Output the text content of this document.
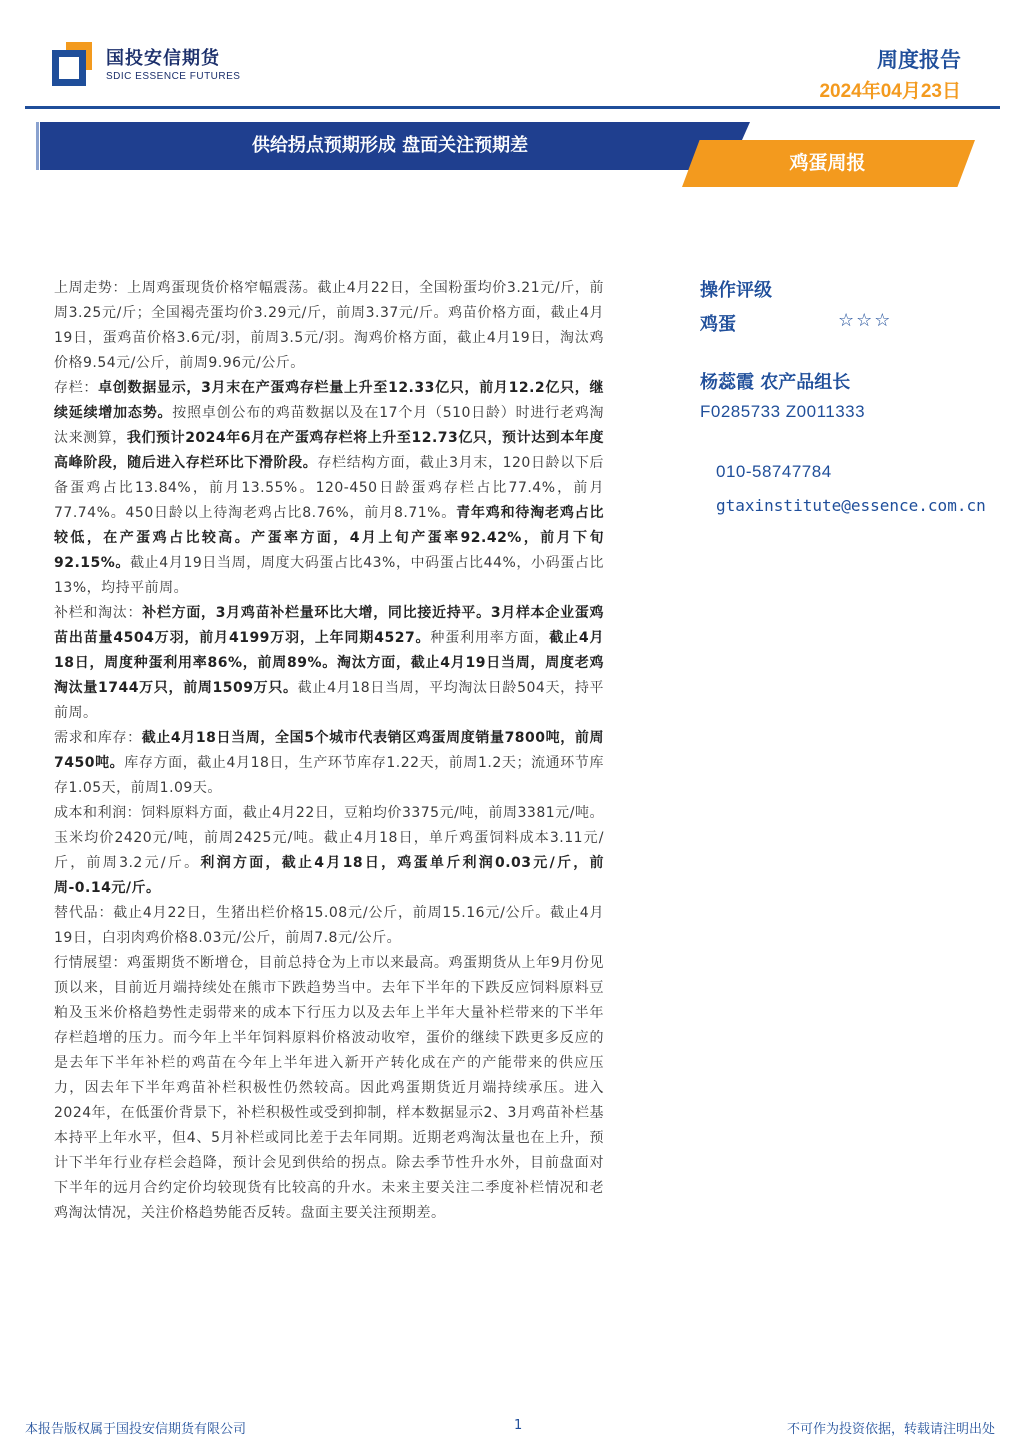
国投安信期货
SDIC ESSENCE FUTURES
周度报告
2024年04月23日
供给拐点预期形成 盘面关注预期差
鸡蛋周报

上周走势：上周鸡蛋现货价格窄幅震荡。截止4月22日，全国粉蛋均价3.21元/斤，前周3.25元/斤；全国褐壳蛋均价3.29元/斤，前周3.37元/斤。鸡苗价格方面，截止4月19日，蛋鸡苗价格3.6元/羽，前周3.5元/羽。淘鸡价格方面，截止4月19日，淘汰鸡价格9.54元/公斤，前周9.96元/公斤。

存栏：卓创数据显示，3月末在产蛋鸡存栏量上升至12.33亿只，前月12.2亿只，继续延续增加态势。按照卓创公布的鸡苗数据以及在17个月（510日龄）时进行老鸡淘汰来测算，我们预计2024年6月在产蛋鸡存栏将上升至12.73亿只，预计达到本年度高峰阶段，随后进入存栏环比下滑阶段。存栏结构方面，截止3月末，120日龄以下后备蛋鸡占比13.84%，前月13.55%。120-450日龄蛋鸡存栏占比77.4%，前月77.74%。450日龄以上待淘老鸡占比8.76%，前月8.71%。青年鸡和待淘老鸡占比较低，在产蛋鸡占比较高。产蛋率方面，4月上旬产蛋率92.42%，前月下旬92.15%。截止4月19日当周，周度大码蛋占比43%，中码蛋占比44%，小码蛋占比13%，均持平前周。

补栏和淘汰：补栏方面，3月鸡苗补栏量环比大增，同比接近持平。3月样本企业蛋鸡苗出苗量4504万羽，前月4199万羽，上年同期4527。种蛋利用率方面，截止4月18日，周度种蛋利用率86%，前周89%。淘汰方面，截止4月19日当周，周度老鸡淘汰量1744万只，前周1509万只。截止4月18日当周，平均淘汰日龄504天，持平前周。

需求和库存：截止4月18日当周，全国5个城市代表销区鸡蛋周度销量7800吨，前周7450吨。库存方面，截止4月18日，生产环节库存1.22天，前周1.2天；流通环节库存1.05天，前周1.09天。

成本和利润：饲料原料方面，截止4月22日，豆粕均价3375元/吨，前周3381元/吨。玉米均价2420元/吨，前周2425元/吨。截止4月18日，单斤鸡蛋饲料成本3.11元/斤，前周3.2元/斤。利润方面，截止4月18日，鸡蛋单斤利润0.03元/斤，前周-0.14元/斤。

替代品：截止4月22日，生猪出栏价格15.08元/公斤，前周15.16元/公斤。截止4月19日，白羽肉鸡价格8.03元/公斤，前周7.8元/公斤。

行情展望：鸡蛋期货不断增仓，目前总持仓为上市以来最高。鸡蛋期货从上年9月份见顶以来，目前近月端持续处在熊市下跌趋势当中。去年下半年的下跌反应饲料原料豆粕及玉米价格趋势性走弱带来的成本下行压力以及去年上半年大量补栏带来的下半年存栏趋增的压力。而今年上半年饲料原料价格波动收窄，蛋价的继续下跌更多反应的是去年下半年补栏的鸡苗在今年上半年进入新开产转化成在产的产能带来的供应压力，因去年下半年鸡苗补栏积极性仍然较高。因此鸡蛋期货近月端持续承压。进入2024年，在低蛋价背景下，补栏积极性或受到抑制，样本数据显示2、3月鸡苗补栏基本持平上年水平，但4、5月补栏或同比差于去年同期。近期老鸡淘汰量也在上升，预计下半年行业存栏会趋降，预计会见到供给的拐点。除去季节性升水外，目前盘面对下半年的远月合约定价均较现货有比较高的升水。未来主要关注二季度补栏情况和老鸡淘汰情况，关注价格趋势能否反转。盘面主要关注预期差。

操作评级
鸡蛋	☆☆☆
杨蕊霞 农产品组长
F0285733 Z0011333
010-58747784
gtaxinstitute@essence.com.cn
本报告版权属于国投安信期货有限公司	1	不可作为投资依据，转载请注明出处
